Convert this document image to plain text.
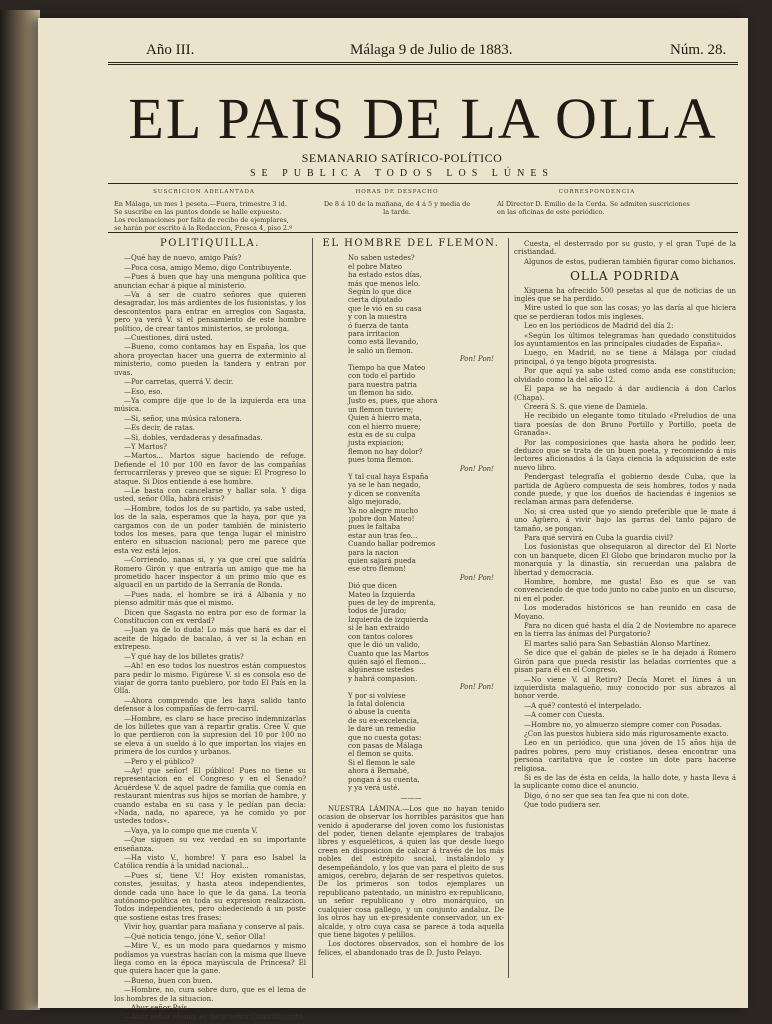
Año III.	Málaga 9 de Julio de 1883.	Núm. 28.
EL PAIS DE LA OLLA
SEMANARIO SATÍRICO-POLÍTICO
SE PUBLICA TODOS LOS LÚNES
SUSCRICION ADELANTADA
En Málaga, un mes 1 peseta.—Fuera, trimestre 3 id. Se suscribe en las puntos donde se halle expuesto. Los reclamaciones por falta de recibo de ejemplares, se harán por escrito á la Redaccion, Fresca 4, piso 2.º
HORAS DE DESPACHO
De 8 á 10 de la mañana, de 4 á 5 y media de la tarde.
CORRESPONDENCIA
Al Director D. Emilio de la Cerda. Se admiten suscriciones en las oficinas de este periódico.
POLITIQUILLA.

—Qué hay de nuevo, amigo País?

—Poca cosa, amigo Memo, digo Contribuyente.

—Pues á buen que hay una menguna política que anuncian echar á pique al ministerio.

—Va á ser de cuatro señores que quieren desagradar, los más ardientes de los fusionistas, y los descontentos para entrar en arreglos con Sagasta, pero ya verá V. si el pensamiento de este hombre político, de crear tantos ministerios, se prolonga.

—Cuestiones, dirá usted.

—Bueno, como contamos hay en España, los que ahora proyectan hacer una guerra de exterminio al ministerio, como pueden la tandera y entran por uvas.

—Por carretas, querrá V. decir.

—Eso, eso.

—Ya compre dije que lo de la izquierda era una música.

—Si, señor, una música ratonera.

—Es decir, de ratas.

—Si, dobles, verdaderas y desafinadas.

—Y Martos?

—Martos... Martos sigue haciendo de refuge. Defiende el 10 por 100 en favor de las compañías ferrocarrileras y preveo que se sigue: El Progreso lo ataque. Si Dios entiende á ese hombre.

—Le basta con cancelarse y hallar sola. Y diga usted, señor Olla, habrá crisis?

—Hombre, todos los de su partido, ya sabe usted, los de la sala, esperamos que la haya, por que ya cargamos con de un poder también de ministerio todos los meses, para que tenga lugar el ministro entero en situacion nacional; pero me parece que esta vez está lejos.

—Corriendo, nanas si, y ya que creí que saldría Romero Girón y que entraría un amigo que me ha prometido hacer inspector á un primo mío que es alguacil en un partido de la Serranía de Ronda.

—Pues nada, el hombre se irá á Albania y no pienso admitir más que el mismo.

Dicen que Sagasta no entra por eso de formar la Constitucion con ex verdad?

—Juan ya de lo duda! Lo más que hará es dar el aceite de hígado de bacalao, á ver si la echan en extrepeso.

—Y qué hay de los billetes gratis?

—Ah! en eso todos los nuestros están compuestos para pedir lo mismo. Figúrese V. si es consola eso de viajar de gorra tanto pueblero, por todo El País en la Olla.

—Ahora comprendo que les haya salido tanto defensor á los compañías de ferro-carril.

—Hombre, es claro se hace preciso indemnizarlas de los billetes que van á repartir gratis. Cree V. que lo que perdieron con la supresion del 10 por 100 no se eleva á un sueldo á lo que importan los viajes en primera de los curdos y urbanos.

—Pero y el público?

—Ay! que señor! El público! Pues no tiene su representacion en el Congreso y en el Senado? Acuérdese V. de aquel padre de familia que comía en restaurant mientras sus hijos se morían de hambre, y cuando estaba en su casa y le pedían pan decía: «Nada, nada, no aparece, ya he comido yo por ustedes todos».

—Vaya, ya lo compo que me cuenta V.

—Que siguen su vez verdad en su importante enseñanza.

—Ha visto V., hombre! Y para eso Isabel la Católica rendía á la unidad nacional...

—Pues sí, tiene V.! Hoy existen romanistas, constes, jesuitas, y hasta ateos independientes, donde cada uno hace lo que le da gana. La teoría autónomo-política en toda su expresion realizacion. Todos independientes, pero obedeciendo á un poste que sostiene estas tres frases:

Vivir hoy, guardar para mañana y conserve al país.

—Qué noticia tengo, jóne V., señor Olla!

—Mire V., es un modo para quedarnos y mismo podíamos ya vuestras hacían con la misma que llueve llega como en la época mayúscula de Princesa? El que quiera hacer que la gane.

—Bueno, buen con buen.

—Hombre, no, cura sobre duro, que es el lema de los hombres de la situacion.

—Abur señor País.

—Abur señor Memo, es decir señor Contribuyente.

EL HOMBRE DEL FLEMON.
No saben ustedes?
el pobre Mateo
ha estado estos días,
más que menos lelo.
Según lo que dice
cierta diputado
que le vió en su casa
y con la muestra
ó fuerza de tanta
para irritacion
como está llevando,
le salió un flemon.
Pon! Pon!
Tiempo ha que Mateo
con todo el partido
para nuestra patria
un flemon ha sido.
Justo es, pues, que ahora
un flemon tuviere;
Quien á hierro mata,
con el hierro muere;
esta es de su culpa
justa expiacion;
flemon no hay dolor?
pues toma flemon.
Pon! Pon!
Y tal cual haya España
ya se le han negado,
y dicen se conveníta
algo mejorado,
Ya no alegre mucho
¡pobre don Mateo!
pues le faltaba
estar aun tras feo...
Cuando hallar podremos
para la nacion
quien sajará pueda
ese otro flemon!
Pon! Pon!
Dió que dicen
Mateo la Izquierda
pues de ley de imprenta,
todos de Jurado;
Izquierda de izquierda
si le han extraido
con tantos colores
que le dió un valido,
Cuanto que las Martos
quién sajó el flemon...
algúnense ustedes
y habrá compasion.
Pon! Pon!
Y por si volviese
la fatal dolencia
ó abuse la cuenta
de su ex-excelencia,
le daré un remedio
que no cuesta gotas:
con pasas de Málaga
el flemon se quita.
Si el flemon le sale
ahora á Bernabé,
pongan á su cuenta,
y ya verá usté.
———

NUESTRA LÁMINA.—Los que no hayan tenido ocasion de observar los horribles parásitos que han venido á apoderarse del joven como los fusionistas del poder, tienen delante ejemplares de trabajos libres y esqueléticos, á quien las que desde luego creen en disposicion de calcar á través de los más nobles del estrépito social, instalándolo y desempeñándolo, y los que van para el pleito de sus amigos, cerebro, dejarán de ser respetivos quietos. De los primeros son todos ejemplares un republicano patentado, un ministro ex-republicano, un señor republicano y otro monárquico, un cualquier cosa gallego, y un conjunto andaluz. De los otros hay un ex-presidente conservador, un ex-alcalde, y otro cuya casa se parece á toda aquella que tiene bigotes y pelillos.

Los doctores observados, son el hombre de los felices, el abandonado tras de D. Justo Pelayo.

Cuesta, el desterrado por su gusto, y el gran Tupé de la cristiandad.

Algunos de estos, pudieran también figurar como bichanos.

OLLA PODRIDA

Xiquena ha ofrecido 500 pesetas al que de noticias de un inglés que se ha perdido.

Mire usted lo que son las cosas; yo las daría al que hiciera que se perdieran todos mis ingleses.

Leo en los periódicos de Madrid del día 2:

«Según los últimos telegramas han quedado constituidos los ayuntamientos en las principales ciudades de España».

Luego, en Madrid, no se tiene á Málaga por ciudad principal, ó ya tengo bígota progresista.

Por que aquí ya sabe usted como anda ese constitucion; olvidado como la del año 12.

El papa se ha negado á dar audiencia á don Carlos (Chapa).

Creerá S. S. que viene de Damiela.

He recibido un elegante tomo titulado «Preludios de una tiara poesías de don Bruno Portillo y Portillo, poeta de Granada».

Por las composiciones que hasta ahora he podido leer, deduzco que se trata de un buen poeta, y recomiendo á mis lectores aficionados á la Gaya ciencia la adquisicion de este nuevo libro.

Pendergast telegrafía el gobierno desde Cuba, que la partida de Agüero compuesta de seis hombres, todos y nada conde puede, y que los dueños de haciendas é ingenios se reclaman armas para defenderse.

No; si crea usted que yo siendo preferible que le mate á uno Agüero, á vivir bajo las garras del tanto pájaro de tamaño, se pongan.

Para qué servirá en Cuba la guardia civil?

Los fusionistas que obsequiaron al director del El Norte con un banquete, dicen El Globo que brindaron mucho por la monarquía y la dinastía, sin recuerdan una palabra de libertad y democracia.

Hombre, hombre, me gusta! Eso es que se van convenciendo de que todo junto no cabe junto en un discurso, ni en el poder.

Los moderados históricos se han reunido en casa de Moyano.

Para no dicen qué hasta el día 2 de Noviembre no aparece en la tierra las ánimas del Purgatorio?

El martes salió para San Sebastián Alonso Martínez.

Se dice que el gabán de pieles se le ha dejado á Romero Girón para que pueda resistir las heladas corrientes que a pisan para él en el Congreso.

—No viene V. al Retiro? Decía Moret el lúnes á un izquierdista malagueño, muy conocido por sus abrazos al honor verde.

—A qué? contestó el interpelado.

—A comer con Cuesta.

—Hombre no, yo almuerzo siempre comer con Posadas.

¿Con las puestos hubiera sido más rigurosamente exacto.

Leo en un periódico, que una jóven de 15 años hija de padres pobres, pero muy cristianos, desea encontrar una persona caritativa que le costee un dote para hacerse religiosa.

Si es de las de ésta en celda, la hallo dote, y hasta lleva á la suplicante como dice el anuncio.

Digo, ó no ser que sea tan fea que ni con dote.

Que todo pudiera ser.
